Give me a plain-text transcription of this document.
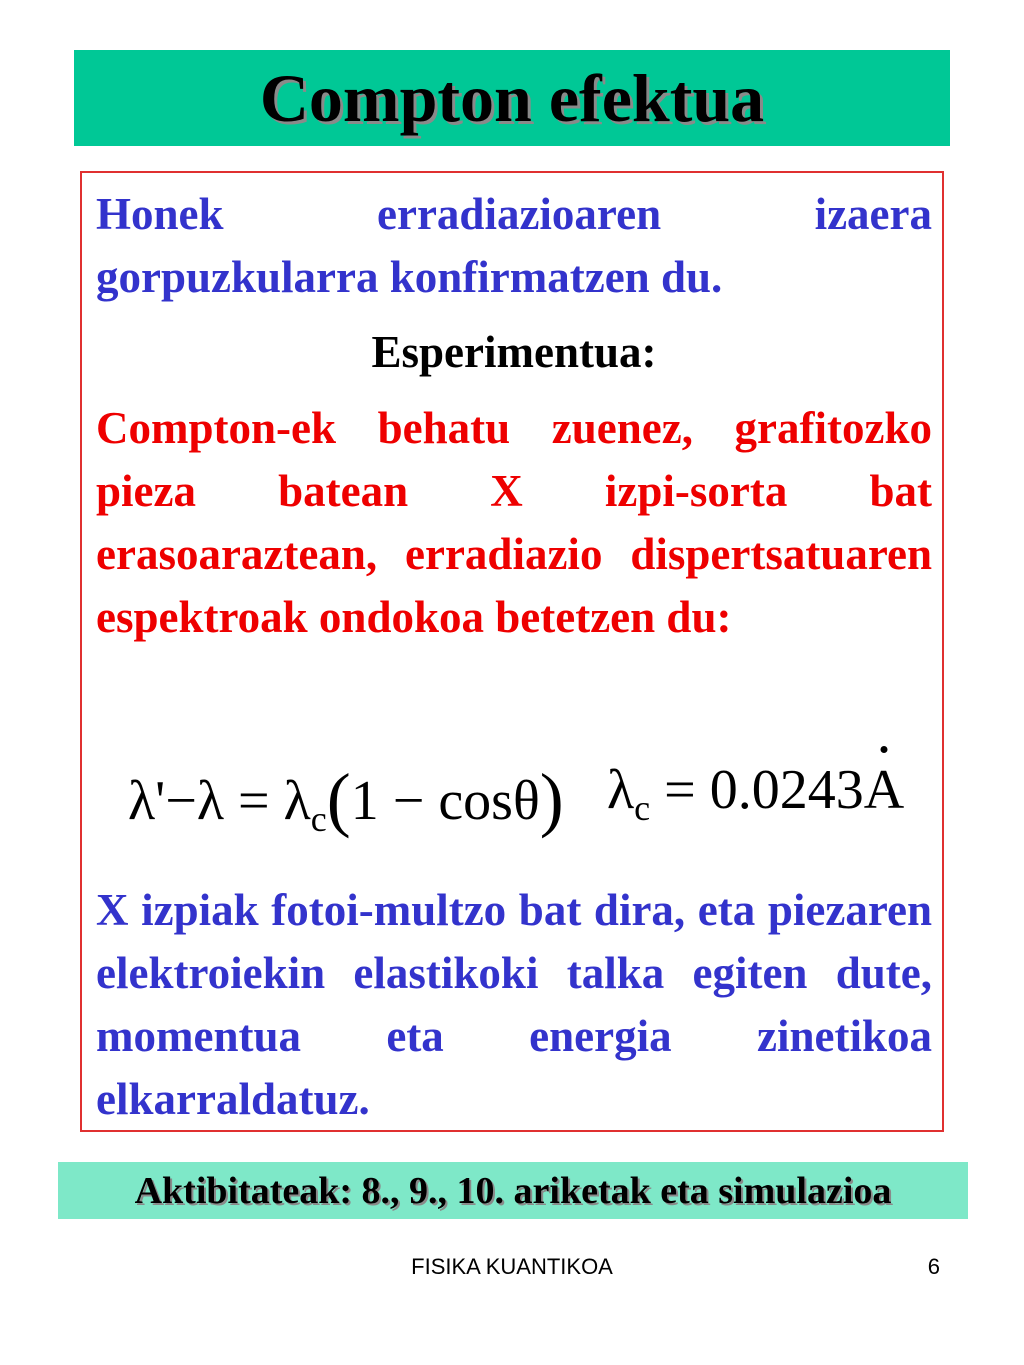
Compton efektua
Honek erradiazioaren izaera gorpuzkularra konfirmatzen du.
Esperimentua:
Compton-ek behatu zuenez, grafitozko pieza batean X izpi-sorta bat erasoaraztean, erradiazio dispertsatuaren espektroak ondokoa betetzen du:
$\lambda'-\lambda = \lambda_c(1 - \cos\theta) \lambda_c = 0.0243A$
X izpiak fotoi-multzo bat dira, eta piezaren elektroiekin elastikoki talka egiten dute, momentua eta energia zinetikoa elkarraldatuz.
Aktibitateak: 8., 9., 10. ariketak eta simulazioa
FISIKA KUANTIKOA	6
